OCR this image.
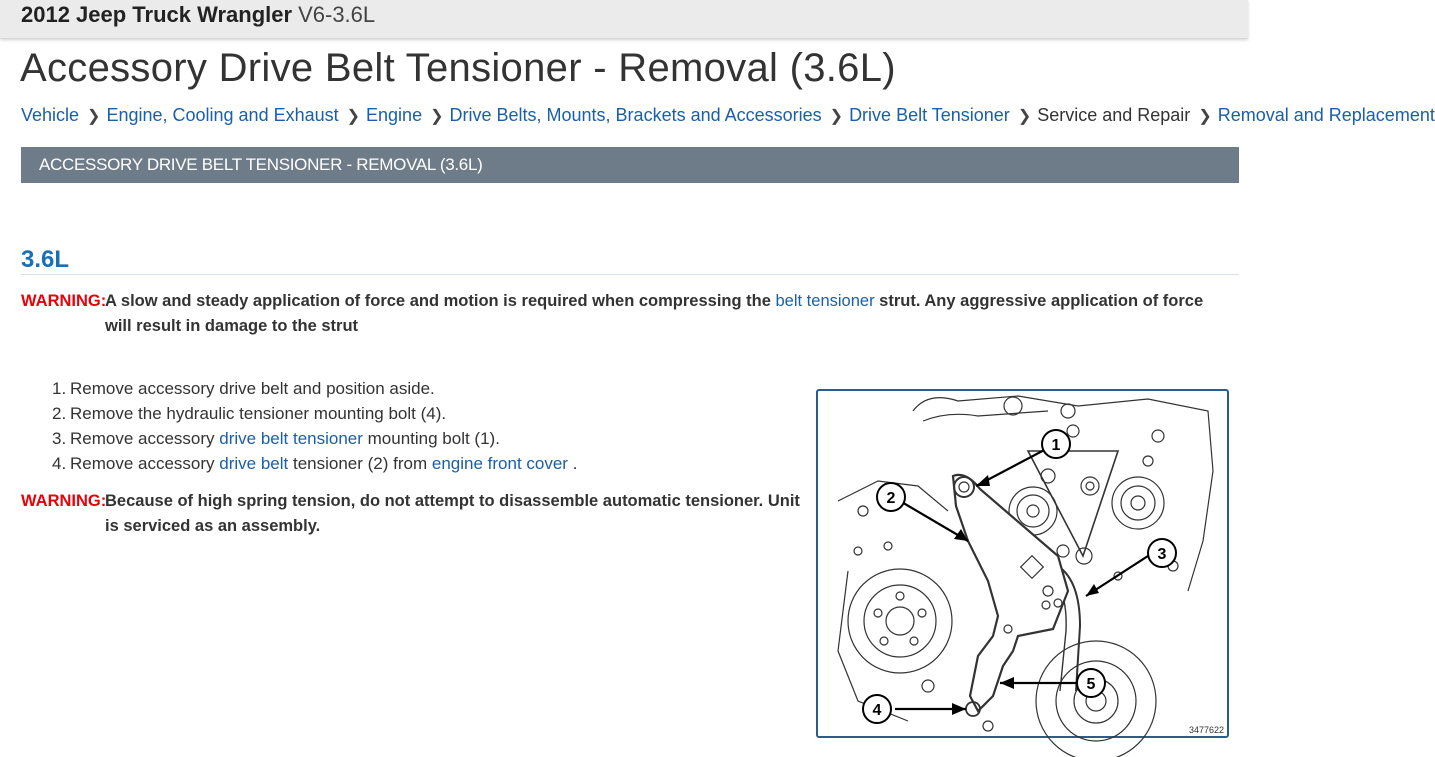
2012 Jeep Truck Wrangler V6-3.6L
Accessory Drive Belt Tensioner - Removal (3.6L)
Vehicle ❯ Engine, Cooling and Exhaust ❯ Engine ❯ Drive Belts, Mounts, Brackets and Accessories ❯ Drive Belt Tensioner ❯ Service and Repair ❯ Removal and Replacement
ACCESSORY DRIVE BELT TENSIONER - REMOVAL (3.6L)
3.6L
WARNING:
A slow and steady application of force and motion is required when compressing the belt tensioner strut. Any aggressive application of force
will result in damage to the strut
1. Remove accessory drive belt and position aside.
2. Remove the hydraulic tensioner mounting bolt (4).
3. Remove accessory drive belt tensioner mounting bolt (1).
4. Remove accessory drive belt tensioner (2) from engine front cover .
WARNING:
Because of high spring tension, do not attempt to disassemble automatic tensioner. Unit
is serviced as an assembly.
1
2
3
4
5
3477622
